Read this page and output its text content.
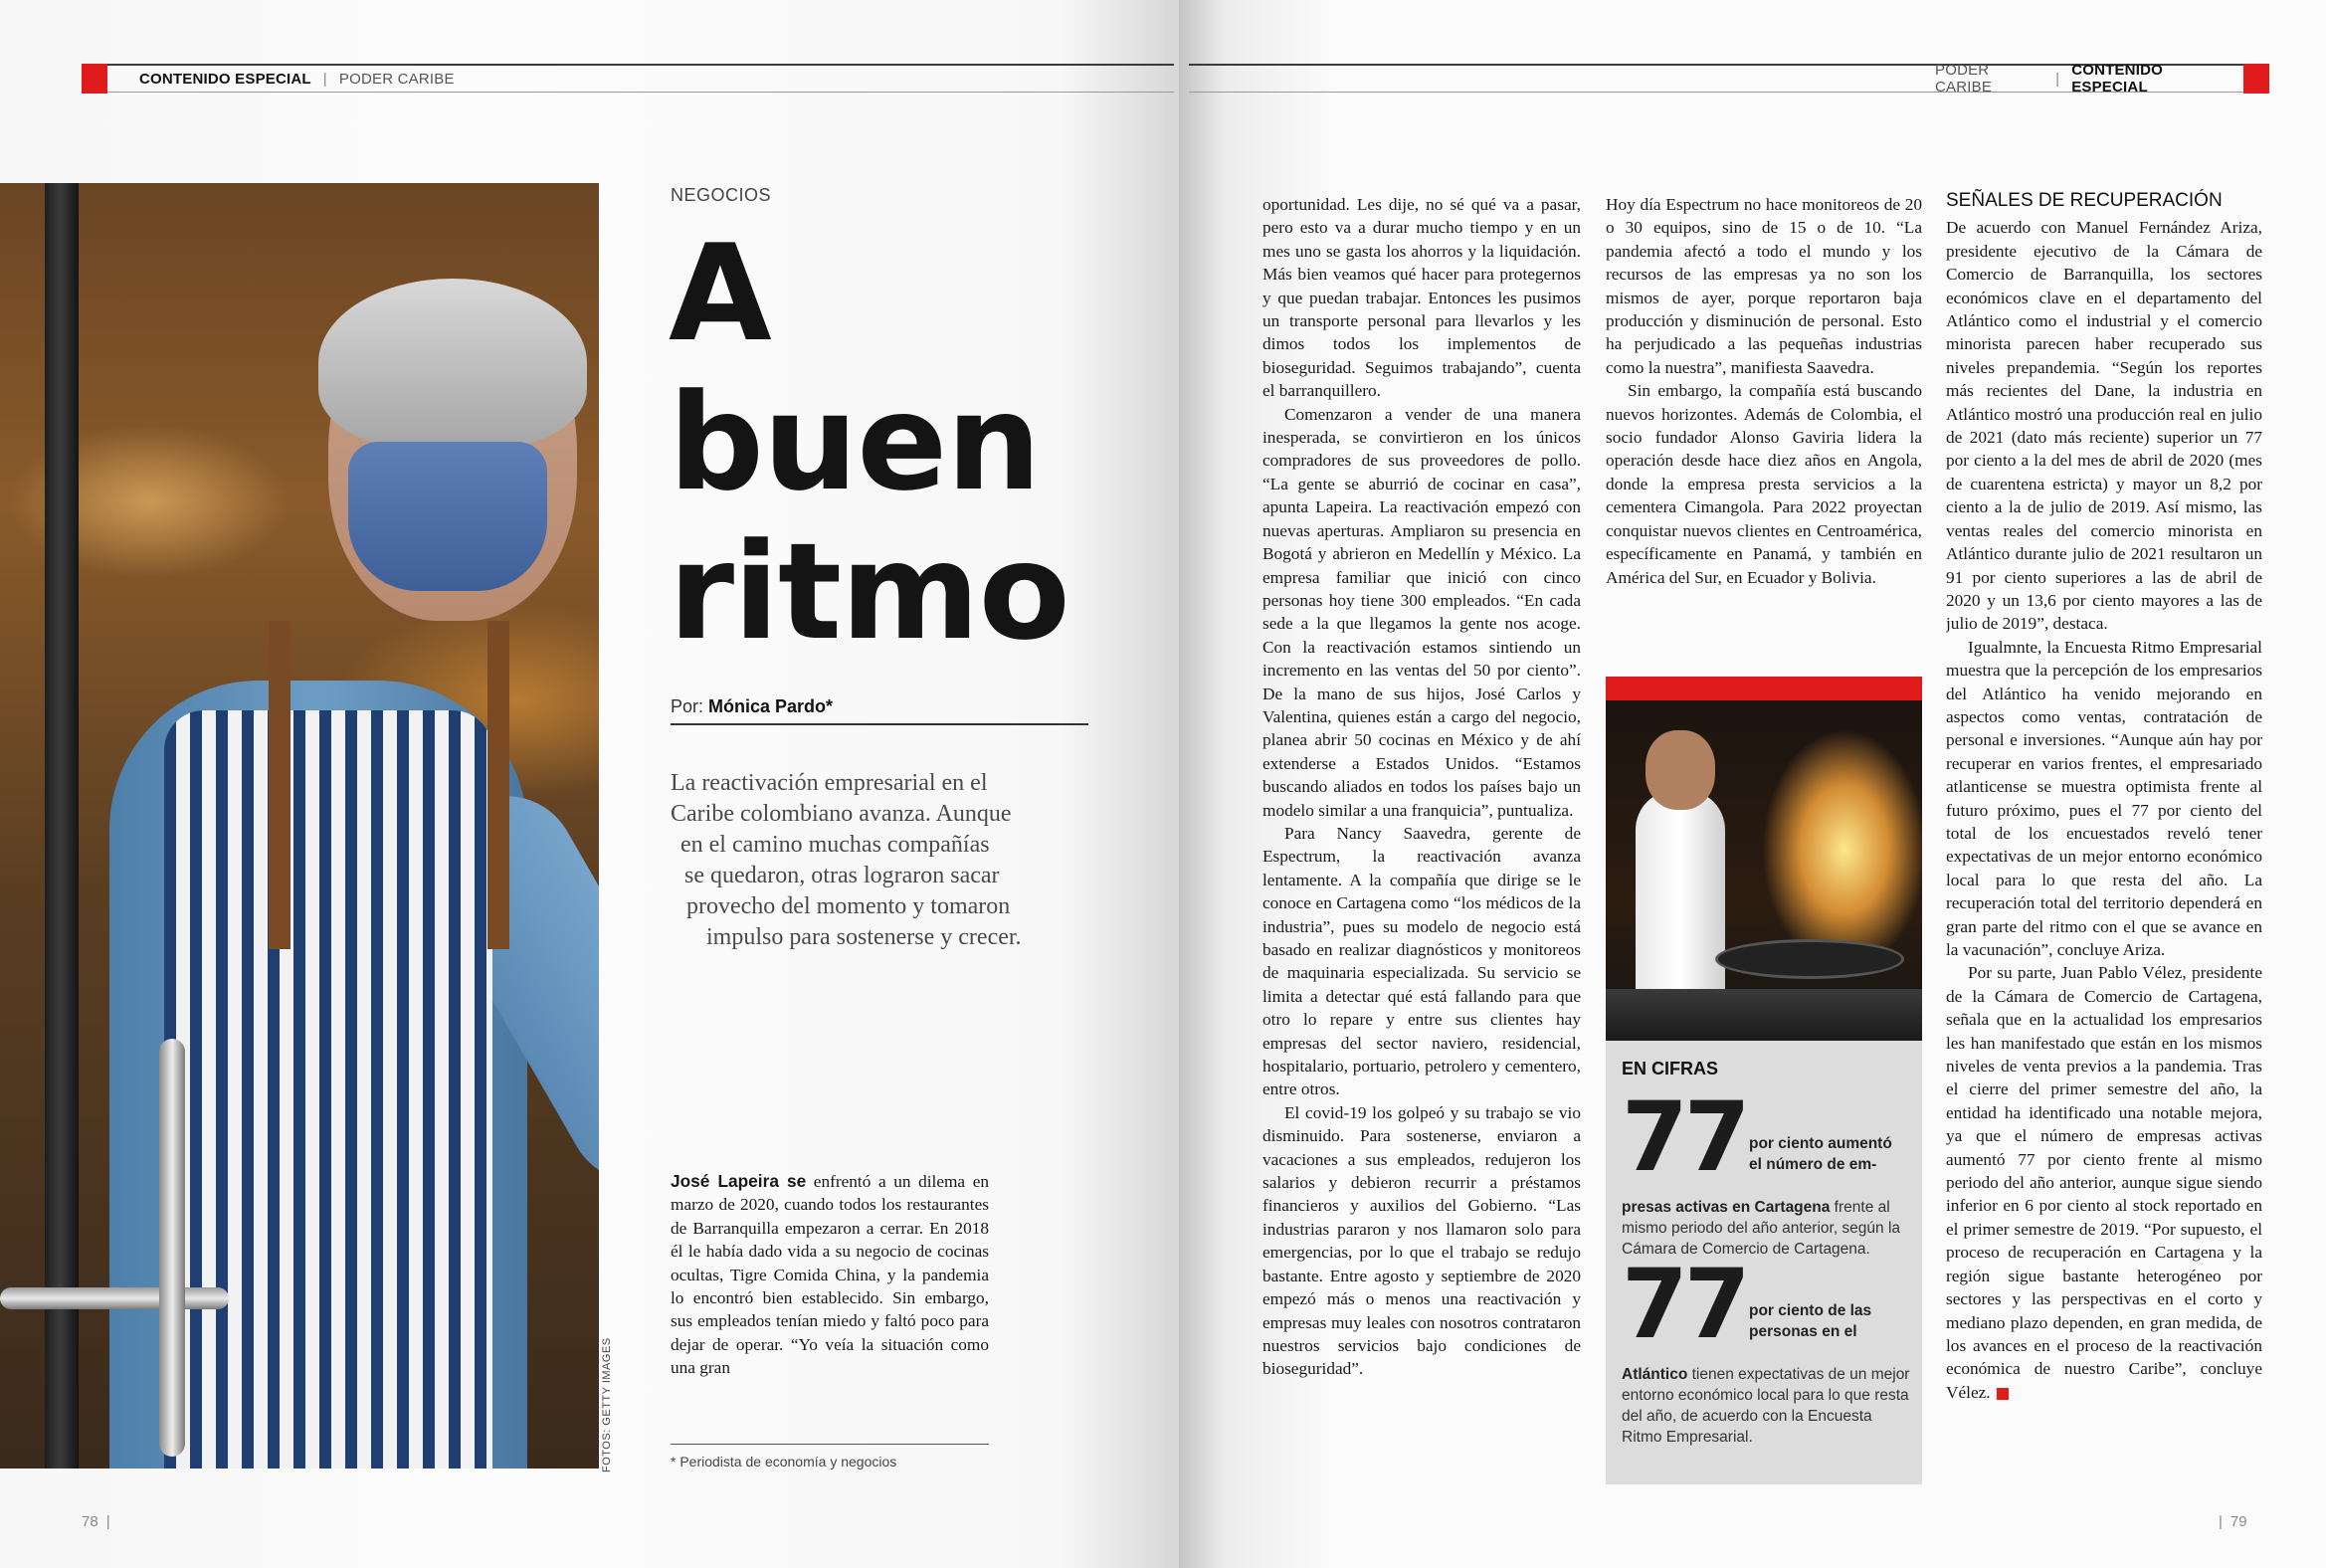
CONTENIDO ESPECIAL | PODER CARIBE
FOTOS: GETTY IMAGES
NEGOCIOS
A
buen
ritmo
Por: Mónica Pardo*
La reactivación empresarial en el
Caribe colombiano avanza. Aunque
en el camino muchas compañías
se quedaron, otras lograron sacar
provecho del momento y tomaron
impulso para sostenerse y crecer.
José Lapeira se enfrentó a un dilema en marzo de 2020, cuando todos los restaurantes de Barranquilla empezaron a cerrar. En 2018 él le había dado vida a su negocio de cocinas ocultas, Tigre Comida China, y la pandemia lo encontró bien establecido. Sin embargo, sus empleados tenían miedo y faltó poco para dejar de operar. “Yo veía la situación como una gran
* Periodista de economía y negocios
78 |
PODER CARIBE	| CONTENIDO ESPECIAL

oportunidad. Les dije, no sé qué va a pasar, pero esto va a durar mucho tiempo y en un mes uno se gasta los ahorros y la liquidación. Más bien veamos qué hacer para protegernos y que puedan trabajar. Entonces les pusimos un transporte personal para llevarlos y les dimos todos los implementos de bioseguridad. Seguimos trabajando”, cuenta el barranquillero.

Comenzaron a vender de una manera inesperada, se convirtieron en los únicos compradores de sus proveedores de pollo. “La gente se aburrió de cocinar en casa”, apunta Lapeira. La reactivación empezó con nuevas aperturas. Ampliaron su presencia en Bogotá y abrieron en Medellín y México. La empresa familiar que inició con cinco personas hoy tiene 300 empleados. “En cada sede a la que llegamos la gente nos acoge. Con la reactivación estamos sintiendo un incremento en las ventas del 50 por ciento”. De la mano de sus hijos, José Carlos y Valentina, quienes están a cargo del negocio, planea abrir 50 cocinas en México y de ahí extenderse a Estados Unidos. “Estamos buscando aliados en todos los países bajo un modelo similar a una franquicia”, puntualiza.

Para Nancy Saavedra, gerente de Espectrum, la reactivación avanza lentamente. A la compañía que dirige se le conoce en Cartagena como “los médicos de la industria”, pues su modelo de negocio está basado en realizar diagnósticos y monitoreos de maquinaria especializada. Su servicio se limita a detectar qué está fallando para que otro lo repare y entre sus clientes hay empresas del sector naviero, residencial, hospitalario, portuario, petrolero y cementero, entre otros.

El covid-19 los golpeó y su trabajo se vio disminuido. Para sostenerse, enviaron a vacaciones a sus empleados, redujeron los salarios y debieron recurrir a préstamos financieros y auxilios del Gobierno. “Las industrias pararon y nos llamaron solo para emergencias, por lo que el trabajo se redujo bastante. Entre agosto y septiembre de 2020 empezó más o menos una reactivación y empresas muy leales con nosotros contrataron nuestros servicios bajo condiciones de bioseguridad”.

Hoy día Espectrum no hace monitoreos de 20 o 30 equipos, sino de 15 o de 10. “La pandemia afectó a todo el mundo y los recursos de las empresas ya no son los mismos de ayer, porque reportaron baja producción y disminución de personal. Esto ha perjudicado a las pequeñas industrias como la nuestra”, manifiesta Saavedra.

Sin embargo, la compañía está buscando nuevos horizontes. Además de Colombia, el socio fundador Alonso Gaviria lidera la operación desde hace diez años en Angola, donde la empresa presta servicios a la cementera Cimangola. Para 2022 proyectan conquistar nuevos clientes en Centroamérica, específicamente en Panamá, y también en América del Sur, en Ecuador y Bolivia.

EN CIFRAS
77 por ciento aumentó el número de em-
presas activas en Cartagena frente al mismo periodo del año anterior, según la Cámara de Comercio de Cartagena.
77 por ciento de las personas en el
Atlántico tienen expectativas de un mejor entorno económico local para lo que resta del año, de acuerdo con la Encuesta Ritmo Empresarial.
SEÑALES DE RECUPERACIÓN

De acuerdo con Manuel Fernández Ariza, presidente ejecutivo de la Cámara de Comercio de Barranquilla, los sectores económicos clave en el departamento del Atlántico como el industrial y el comercio minorista parecen haber recuperado sus niveles prepandemia. “Según los reportes más recientes del Dane, la industria en Atlántico mostró una producción real en julio de 2021 (dato más reciente) superior un 77 por ciento a la del mes de abril de 2020 (mes de cuarentena estricta) y mayor un 8,2 por ciento a la de julio de 2019. Así mismo, las ventas reales del comercio minorista en Atlántico durante julio de 2021 resultaron un 91 por ciento superiores a las de abril de 2020 y un 13,6 por ciento mayores a las de julio de 2019”, destaca.

Igualmnte, la Encuesta Ritmo Empresarial muestra que la percepción de los empresarios del Atlántico ha venido mejorando en aspectos como ventas, contratación de personal e inversiones. “Aunque aún hay por recuperar en varios frentes, el empresariado atlanticense se muestra optimista frente al futuro próximo, pues el 77 por ciento del total de los encuestados reveló tener expectativas de un mejor entorno económico local para lo que resta del año. La recuperación total del territorio dependerá en gran parte del ritmo con el que se avance en la vacunación”, concluye Ariza.

Por su parte, Juan Pablo Vélez, presidente de la Cámara de Comercio de Cartagena, señala que en la actualidad los empresarios les han manifestado que están en los mismos niveles de venta previos a la pandemia. Tras el cierre del primer semestre del año, la entidad ha identificado una notable mejora, ya que el número de empresas activas aumentó 77 por ciento frente al mismo periodo del año anterior, aunque sigue siendo inferior en 6 por ciento al stock reportado en el primer semestre de 2019. “Por supuesto, el proceso de recuperación en Cartagena y la región sigue bastante heterogéneo por sectores y las perspectivas en el corto y mediano plazo dependen, en gran medida, de los avances en el proceso de la reactivación económica de nuestro Caribe”, concluye Vélez.

| 79
